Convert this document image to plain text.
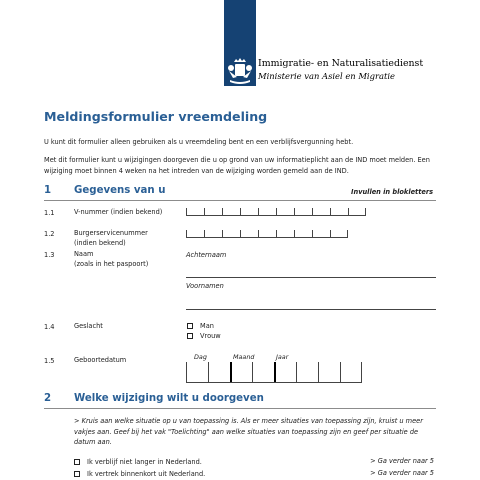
Immigratie- en Naturalisatiedienst
Ministerie van Asiel en Migratie
Meldingsformulier vreemdeling
U kunt dit formulier alleen gebruiken als u vreemdeling bent en een verblijfsvergunning hebt.
Met dit formulier kunt u wijzigingen doorgeven die u op grond van uw informatieplicht aan de IND moet melden. Een wijziging moet binnen 4 weken na het intreden van de wijziging worden gemeld aan de IND.
1 Gegevens van u	Invullen in blokletters
1.1	V-nummer (indien bekend)
1.2	Burgerservicenummer
(indien bekend)
1.3	Naam
(zoals in het paspoort)
Achternaam
Voornamen
1.4	Geslacht	Man
Vrouw
1.5	Geboortedatum	Dag	Maand	Jaar
2 Welke wijziging wilt u doorgeven
> Kruis aan welke situatie op u van toepassing is. Als er meer situaties van toepassing zijn, kruist u meer vakjes aan. Geef bij het vak "Toelichting" aan welke situaties van toepassing zijn en geef per situatie de datum aan.
Ik verblijf niet langer in Nederland.	> Ga verder naar 5
Ik vertrek binnenkort uit Nederland.	> Ga verder naar 5
